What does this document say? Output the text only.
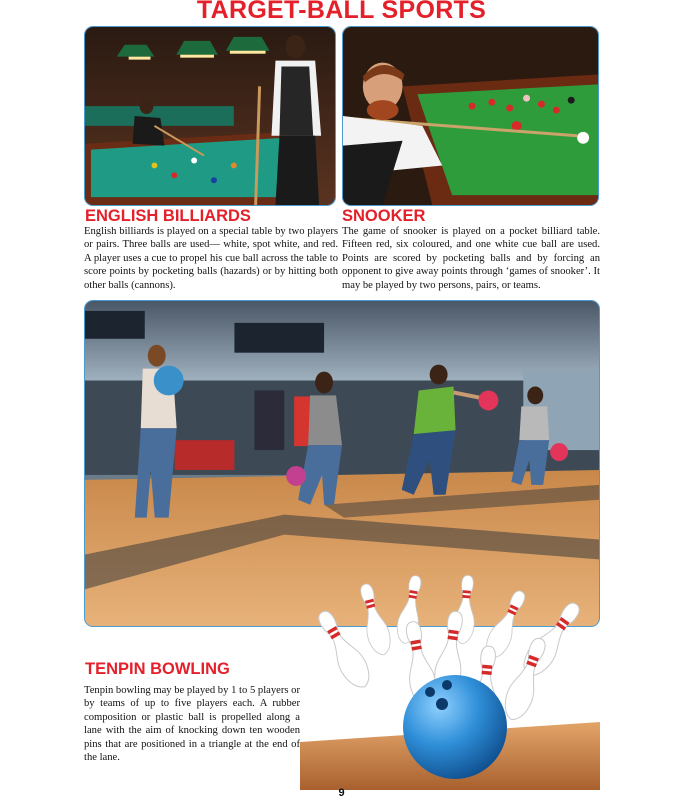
TARGET-BALL SPORTS
ENGLISH BILLIARDS
English billiards is played on a special table by two players or pairs. Three balls are used— white, spot white, and red. A player uses a cue to propel his cue ball across the table to score points by pocketing balls (hazards) or by hitting both other balls (cannons).
SNOOKER
The game of snooker is played on a pocket billiard table. Fifteen red, six coloured, and one white cue ball are used. Points are scored by pocketing balls and by forcing an opponent to give away points through ‘games of snooker’. It may be played by two persons, pairs, or teams.
TENPIN BOWLING
Tenpin bowling may be played by 1 to 5 players or by teams of up to five players each. A rubber composition or plastic ball is propelled along a lane with the aim of knocking down ten wooden pins that are positioned in a triangle at the end of the lane.
9
